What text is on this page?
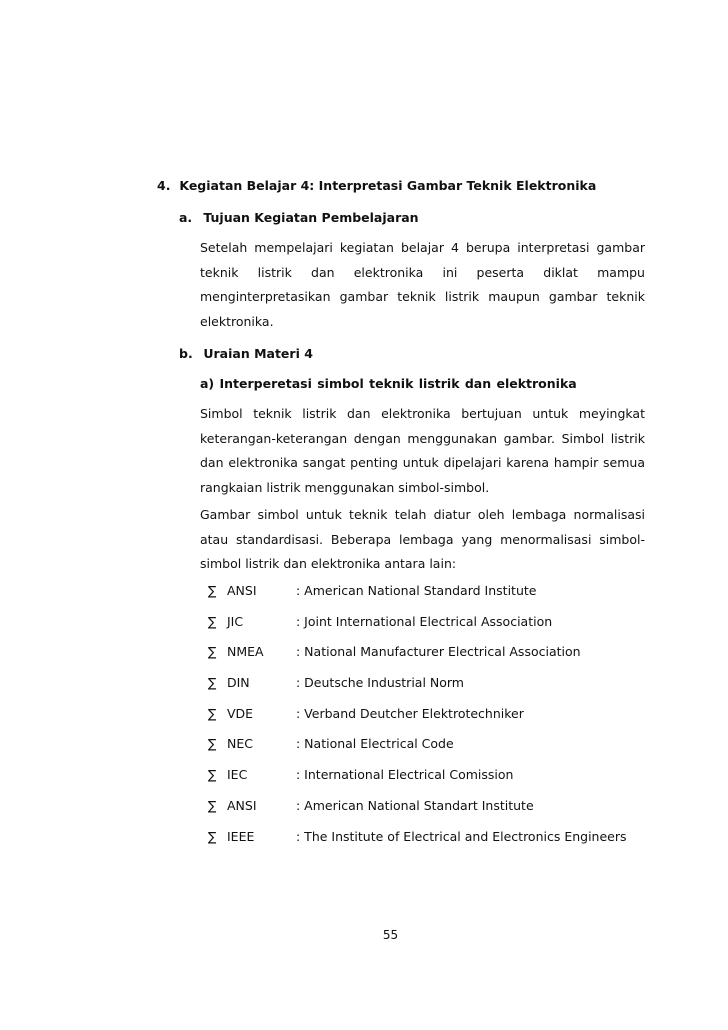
4. Kegiatan Belajar 4: Interpretasi Gambar Teknik Elektronika
a. Tujuan Kegiatan Pembelajaran

Setelah mempelajari kegiatan belajar 4 berupa interpretasi gambar teknik listrik dan elektronika ini peserta diklat mampu menginterpretasikan gambar teknik listrik maupun gambar teknik elektronika.

b. Uraian Materi 4
a) Interperetasi simbol teknik listrik dan elektronika

Simbol teknik listrik dan elektronika bertujuan untuk meyingkat keterangan-keterangan dengan menggunakan gambar. Simbol listrik dan elektronika sangat penting untuk dipelajari karena hampir semua rangkaian listrik menggunakan simbol-simbol.

Gambar simbol untuk teknik telah diatur oleh lembaga normalisasi atau standardisasi. Beberapa lembaga yang menormalisasi simbol-simbol listrik dan elektronika antara lain:

∑ ANSI	: American National Standard Institute
∑ JIC	: Joint International Electrical Association
∑ NMEA	: National Manufacturer Electrical Association
∑ DIN	: Deutsche Industrial Norm
∑ VDE	: Verband Deutcher Elektrotechniker
∑ NEC	: National Electrical Code
∑ IEC	: International Electrical Comission
∑ ANSI	: American National Standart Institute
∑ IEEE	: The Institute of Electrical and Electronics Engineers
55
